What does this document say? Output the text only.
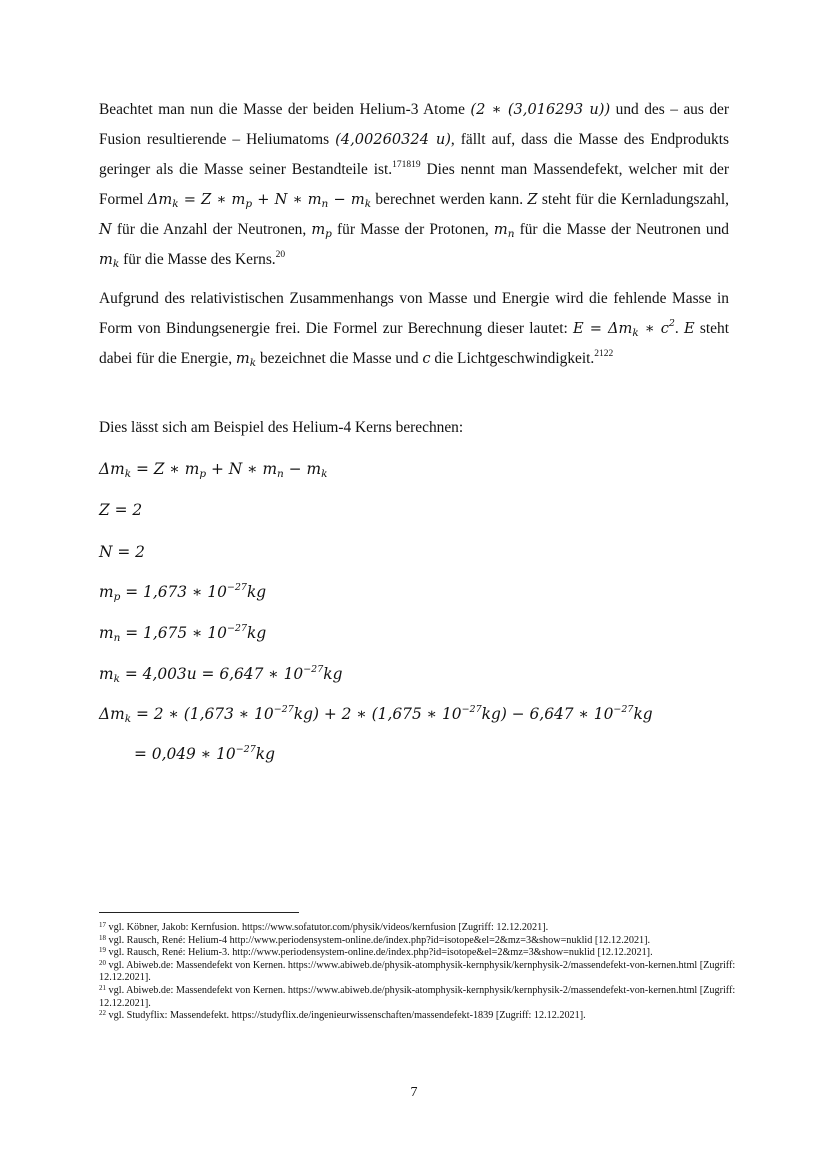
Beachtet man nun die Masse der beiden Helium-3 Atome (2 ∗ (3,016293 u)) und des – aus der Fusion resultierende – Heliumatoms (4,00260324 u), fällt auf, dass die Masse des Endprodukts geringer als die Masse seiner Bestandteile ist.$^{171819}$ Dies nennt man Massendefekt, welcher mit der Formel $\Delta m_k = Z$ ∗ $m_p + N$ ∗ $m_n - m_k$ berechnet werden kann. Z steht für die Kernladungszahl, N für die Anzahl der Neutronen, $m_p$ für Masse der Protonen, $m_n$ für die Masse der Neutronen und $m_k$ für die Masse des Kerns.$^{20}$

Aufgrund des relativistischen Zusammenhangs von Masse und Energie wird die fehlende Masse in Form von Bindungsenergie frei. Die Formel zur Berechnung dieser lautet: $E = \Delta m_k$ ∗ $c^2$. E steht dabei für die Energie, $m_k$ bezeichnet die Masse und c die Lichtgeschwindigkeit.$^{2122}$

Dies lässt sich am Beispiel des Helium-4 Kerns berechnen:

$\Delta m_k = Z$ ∗ $m_p + N$ ∗ $m_n - m_k$
Z = 2
N = 2
$m_p = 1,673$ ∗ $10^{-27}kg$
$m_n = 1,675$ ∗ $10^{-27}kg$
$m_k = 4,003u = 6,647$ ∗ $10^{-27}kg$
$\Delta m_k = 2$ ∗ (1,673 ∗ $10^{-27}kg) + 2$ ∗ (1,675 ∗ $10^{-27}kg) - 6,647$ ∗ $10^{-27}kg$
= 0,049 ∗ $10^{-27}kg$

$^{17}$ vgl. Köbner, Jakob: Kernfusion. https://www.sofatutor.com/physik/videos/kernfusion [Zugriff: 12.12.2021].

$^{18}$ vgl. Rausch, René: Helium-4 http://www.periodensystem-online.de/index.php?id=isotope&el=2&mz=3&show=nuklid [12.12.2021].

$^{19}$ vgl. Rausch, René: Helium-3. http://www.periodensystem-online.de/index.php?id=isotope&el=2&mz=3&show=nuklid [12.12.2021].

$^{20}$ vgl. Abiweb.de: Massendefekt von Kernen. https://www.abiweb.de/physik-atomphysik-kernphysik/kernphysik-2/massendefekt-von-kernen.html [Zugriff: 12.12.2021].

$^{21}$ vgl. Abiweb.de: Massendefekt von Kernen. https://www.abiweb.de/physik-atomphysik-kernphysik/kernphysik-2/massendefekt-von-kernen.html [Zugriff: 12.12.2021].

$^{22}$ vgl. Studyflix: Massendefekt. https://studyflix.de/ingenieurwissenschaften/massendefekt-1839 [Zugriff: 12.12.2021].

7
